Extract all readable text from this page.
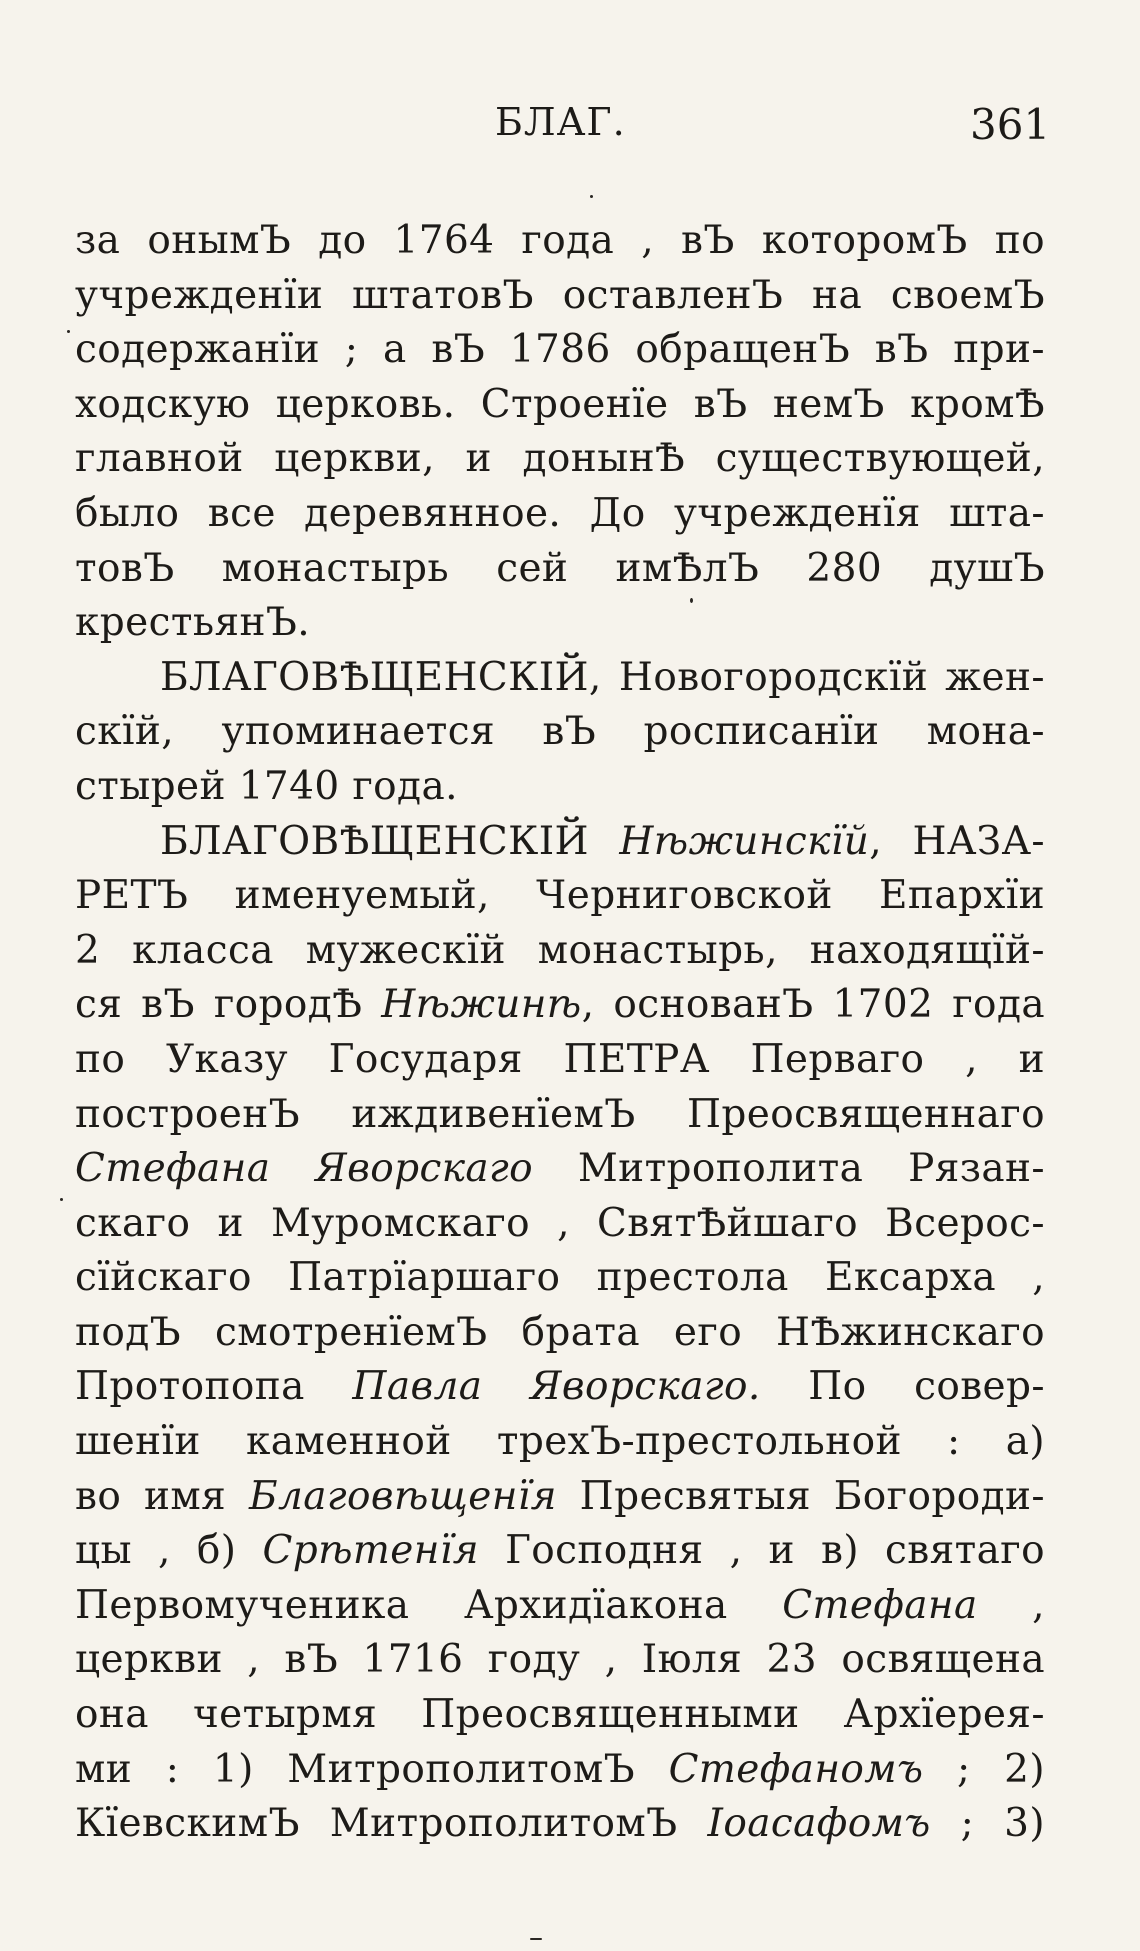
БЛАГ.	361
за онымЪ до 1764 года , вЪ которомЪ по
учрежденїи штатовЪ оставленЪ на своемЪ
содержанїи ; а вЪ 1786 обращенЪ вЪ при-
ходскую церковь. Строенїе вЪ немЪ кромѢ
главной церкви, и донынѢ существующей,
было все деревянное. До учрежденїя шта-
товЪ монастырь сей имѢлЪ 280 душЪ
крестьянЪ.
БЛАГОВѢЩЕНСКIЙ, Новогородскїй жен-
скїй, упоминается вЪ росписанїи мона-
стырей 1740 года.
БЛАГОВѢЩЕНСКIЙ Нѣжинскїй, НАЗА-
РЕТЪ именуемый, Черниговской Епархїи
2 класса мужескїй монастырь, находящїй-
ся вЪ городѢ Нѣжинѣ, основанЪ 1702 года
по Указу Государя ПЕТРА Перваго , и
построенЪ иждивенїемЪ Преосвященнаго
Стефана Яворскаго Митрополита Рязан-
скаго и Муромскаго , СвятѢйшаго Всерос-
сїйскаго Патрїаршаго престола Ексарха ,
подЪ смотренїемЪ брата его НѢжинскаго
Протопопа Павла Яворскаго. По совер-
шенїи каменной трехЪ-престольной : а)
во имя Благовѣщенїя Пресвятыя Богороди-
цы , б) Срѣтенїя Господня , и в) святаго
Первомученика Архидїакона Стефана ,
церкви , вЪ 1716 году , Iюля 23 освящена
она четырмя Преосвященными Архїерея-
ми : 1) МитрополитомЪ Стефаномъ ; 2)
КїевскимЪ МитрополитомЪ Іоасафомъ ; 3)
